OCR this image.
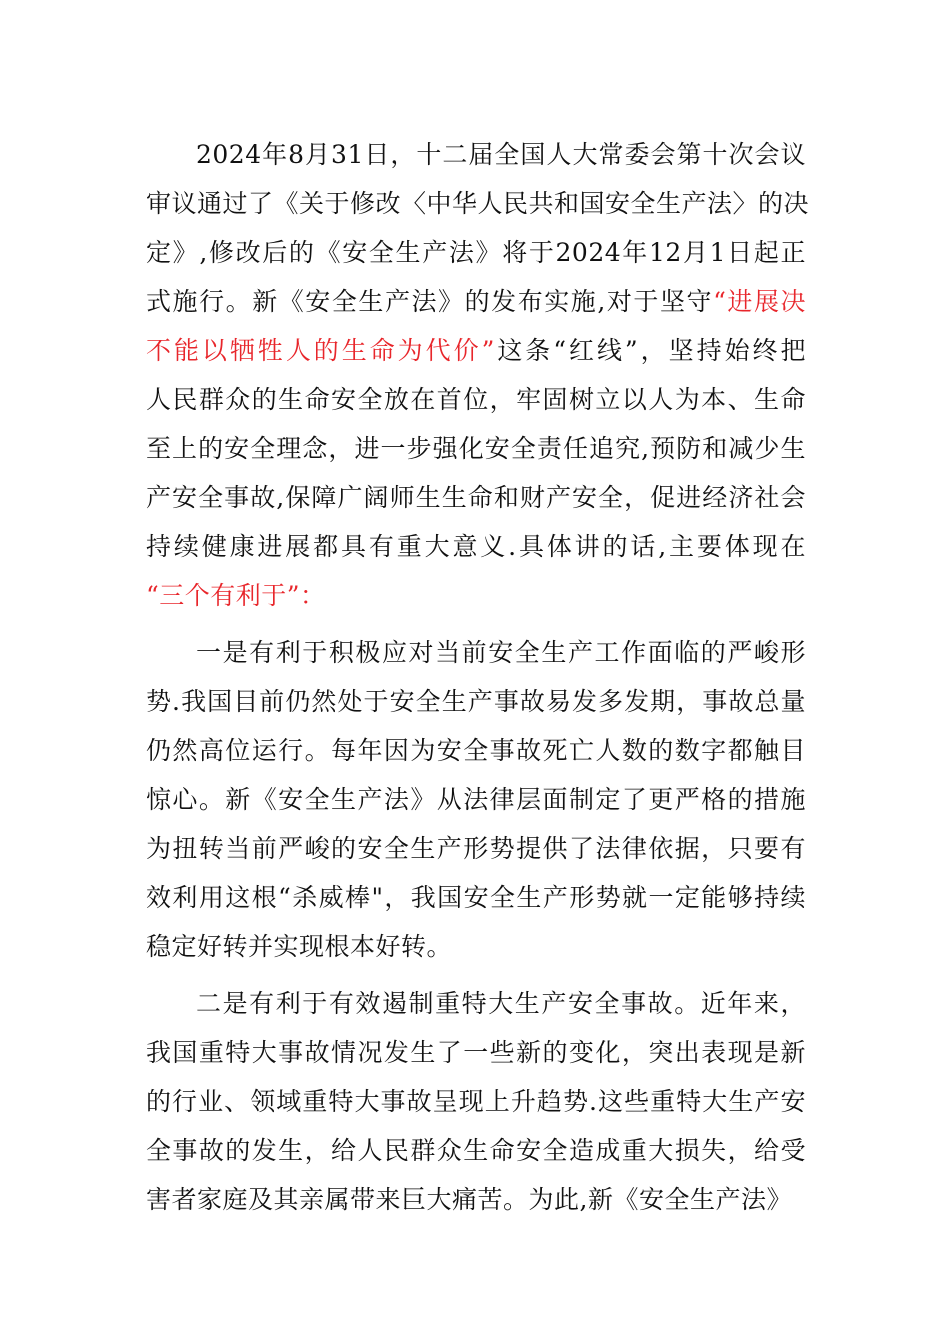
2024年8月31日，十二届全国人大常委会第十次会议
审议通过了《关于修改〈中华人民共和国安全生产法〉的决
定》,修改后的《安全生产法》将于2024年12月1日起正
式施行。新《安全生产法》的发布实施,对于坚守“进展决
不能以牺牲人的生命为代价”这条“红线”，坚持始终把
人民群众的生命安全放在首位，牢固树立以人为本、生命
至上的安全理念，进一步强化安全责任追究,预防和减少生
产安全事故,保障广阔师生生命和财产安全，促进经济社会
持续健康进展都具有重大意义.具体讲的话,主要体现在
“三个有利于”：
一是有利于积极应对当前安全生产工作面临的严峻形
势.我国目前仍然处于安全生产事故易发多发期，事故总量
仍然高位运行。每年因为安全事故死亡人数的数字都触目
惊心。新《安全生产法》从法律层面制定了更严格的措施
为扭转当前严峻的安全生产形势提供了法律依据，只要有
效利用这根“杀威棒"，我国安全生产形势就一定能够持续
稳定好转并实现根本好转。
二是有利于有效遏制重特大生产安全事故。近年来，
我国重特大事故情况发生了一些新的变化，突出表现是新
的行业、领域重特大事故呈现上升趋势.这些重特大生产安
全事故的发生，给人民群众生命安全造成重大损失，给受
害者家庭及其亲属带来巨大痛苦。为此,新《安全生产法》
